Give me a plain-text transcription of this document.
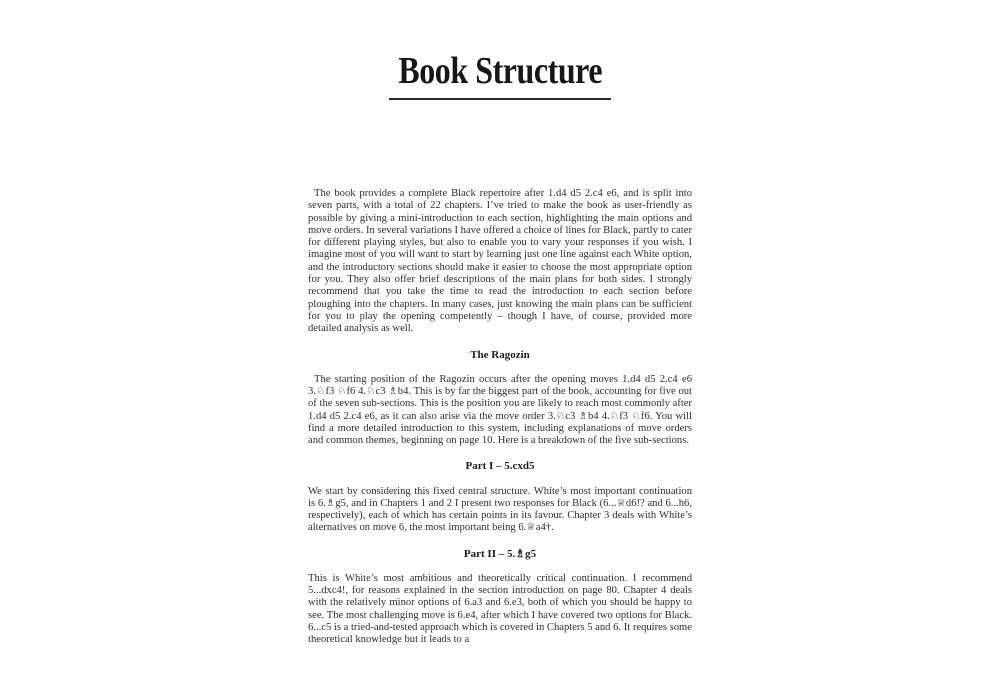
Book Structure

The book provides a complete Black repertoire after 1.d4 d5 2.c4 e6, and is split into seven parts, with a total of 22 chapters. I’ve tried to make the book as user-friendly as possible by giving a mini-introduction to each section, highlighting the main options and move orders. In several variations I have offered a choice of lines for Black, partly to cater for different playing styles, but also to enable you to vary your responses if you wish. I imagine most of you will want to start by learning just one line against each White option, and the introductory sections should make it easier to choose the most appropriate option for you. They also offer brief descriptions of the main plans for both sides. I strongly recommend that you take the time to read the introduction to each section before ploughing into the chapters. In many cases, just knowing the main plans can be sufficient for you to play the opening competently – though I have, of course, provided more detailed analysis as well.

The Ragozin

The starting position of the Ragozin occurs after the opening moves 1.d4 d5 2.c4 e6 3.♘f3 ♘f6 4.♘c3 ♗b4. This is by far the biggest part of the book, accounting for five out of the seven sub-sections. This is the position you are likely to reach most commonly after 1.d4 d5 2.c4 e6, as it can also arise via the move order 3.♘c3 ♗b4 4.♘f3 ♘f6. You will find a more detailed introduction to this system, including explanations of move orders and common themes, beginning on page 10. Here is a breakdown of the five sub-sections.

Part I – 5.cxd5

We start by considering this fixed central structure. White’s most important continuation is 6.♗g5, and in Chapters 1 and 2 I present two responses for Black (6...♕d6!? and 6...h6, respectively), each of which has certain points in its favour. Chapter 3 deals with White’s alternatives on move 6, the most important being 6.♕a4†.

Part II – 5.♗g5

This is White’s most ambitious and theoretically critical continuation. I recommend 5...dxc4!, for reasons explained in the section introduction on page 80. Chapter 4 deals with the relatively minor options of 6.a3 and 6.e3, both of which you should be happy to see. The most challenging move is 6.e4, after which I have covered two options for Black. 6...c5 is a tried-and-tested approach which is covered in Chapters 5 and 6. It requires some theoretical knowledge but it leads to a
